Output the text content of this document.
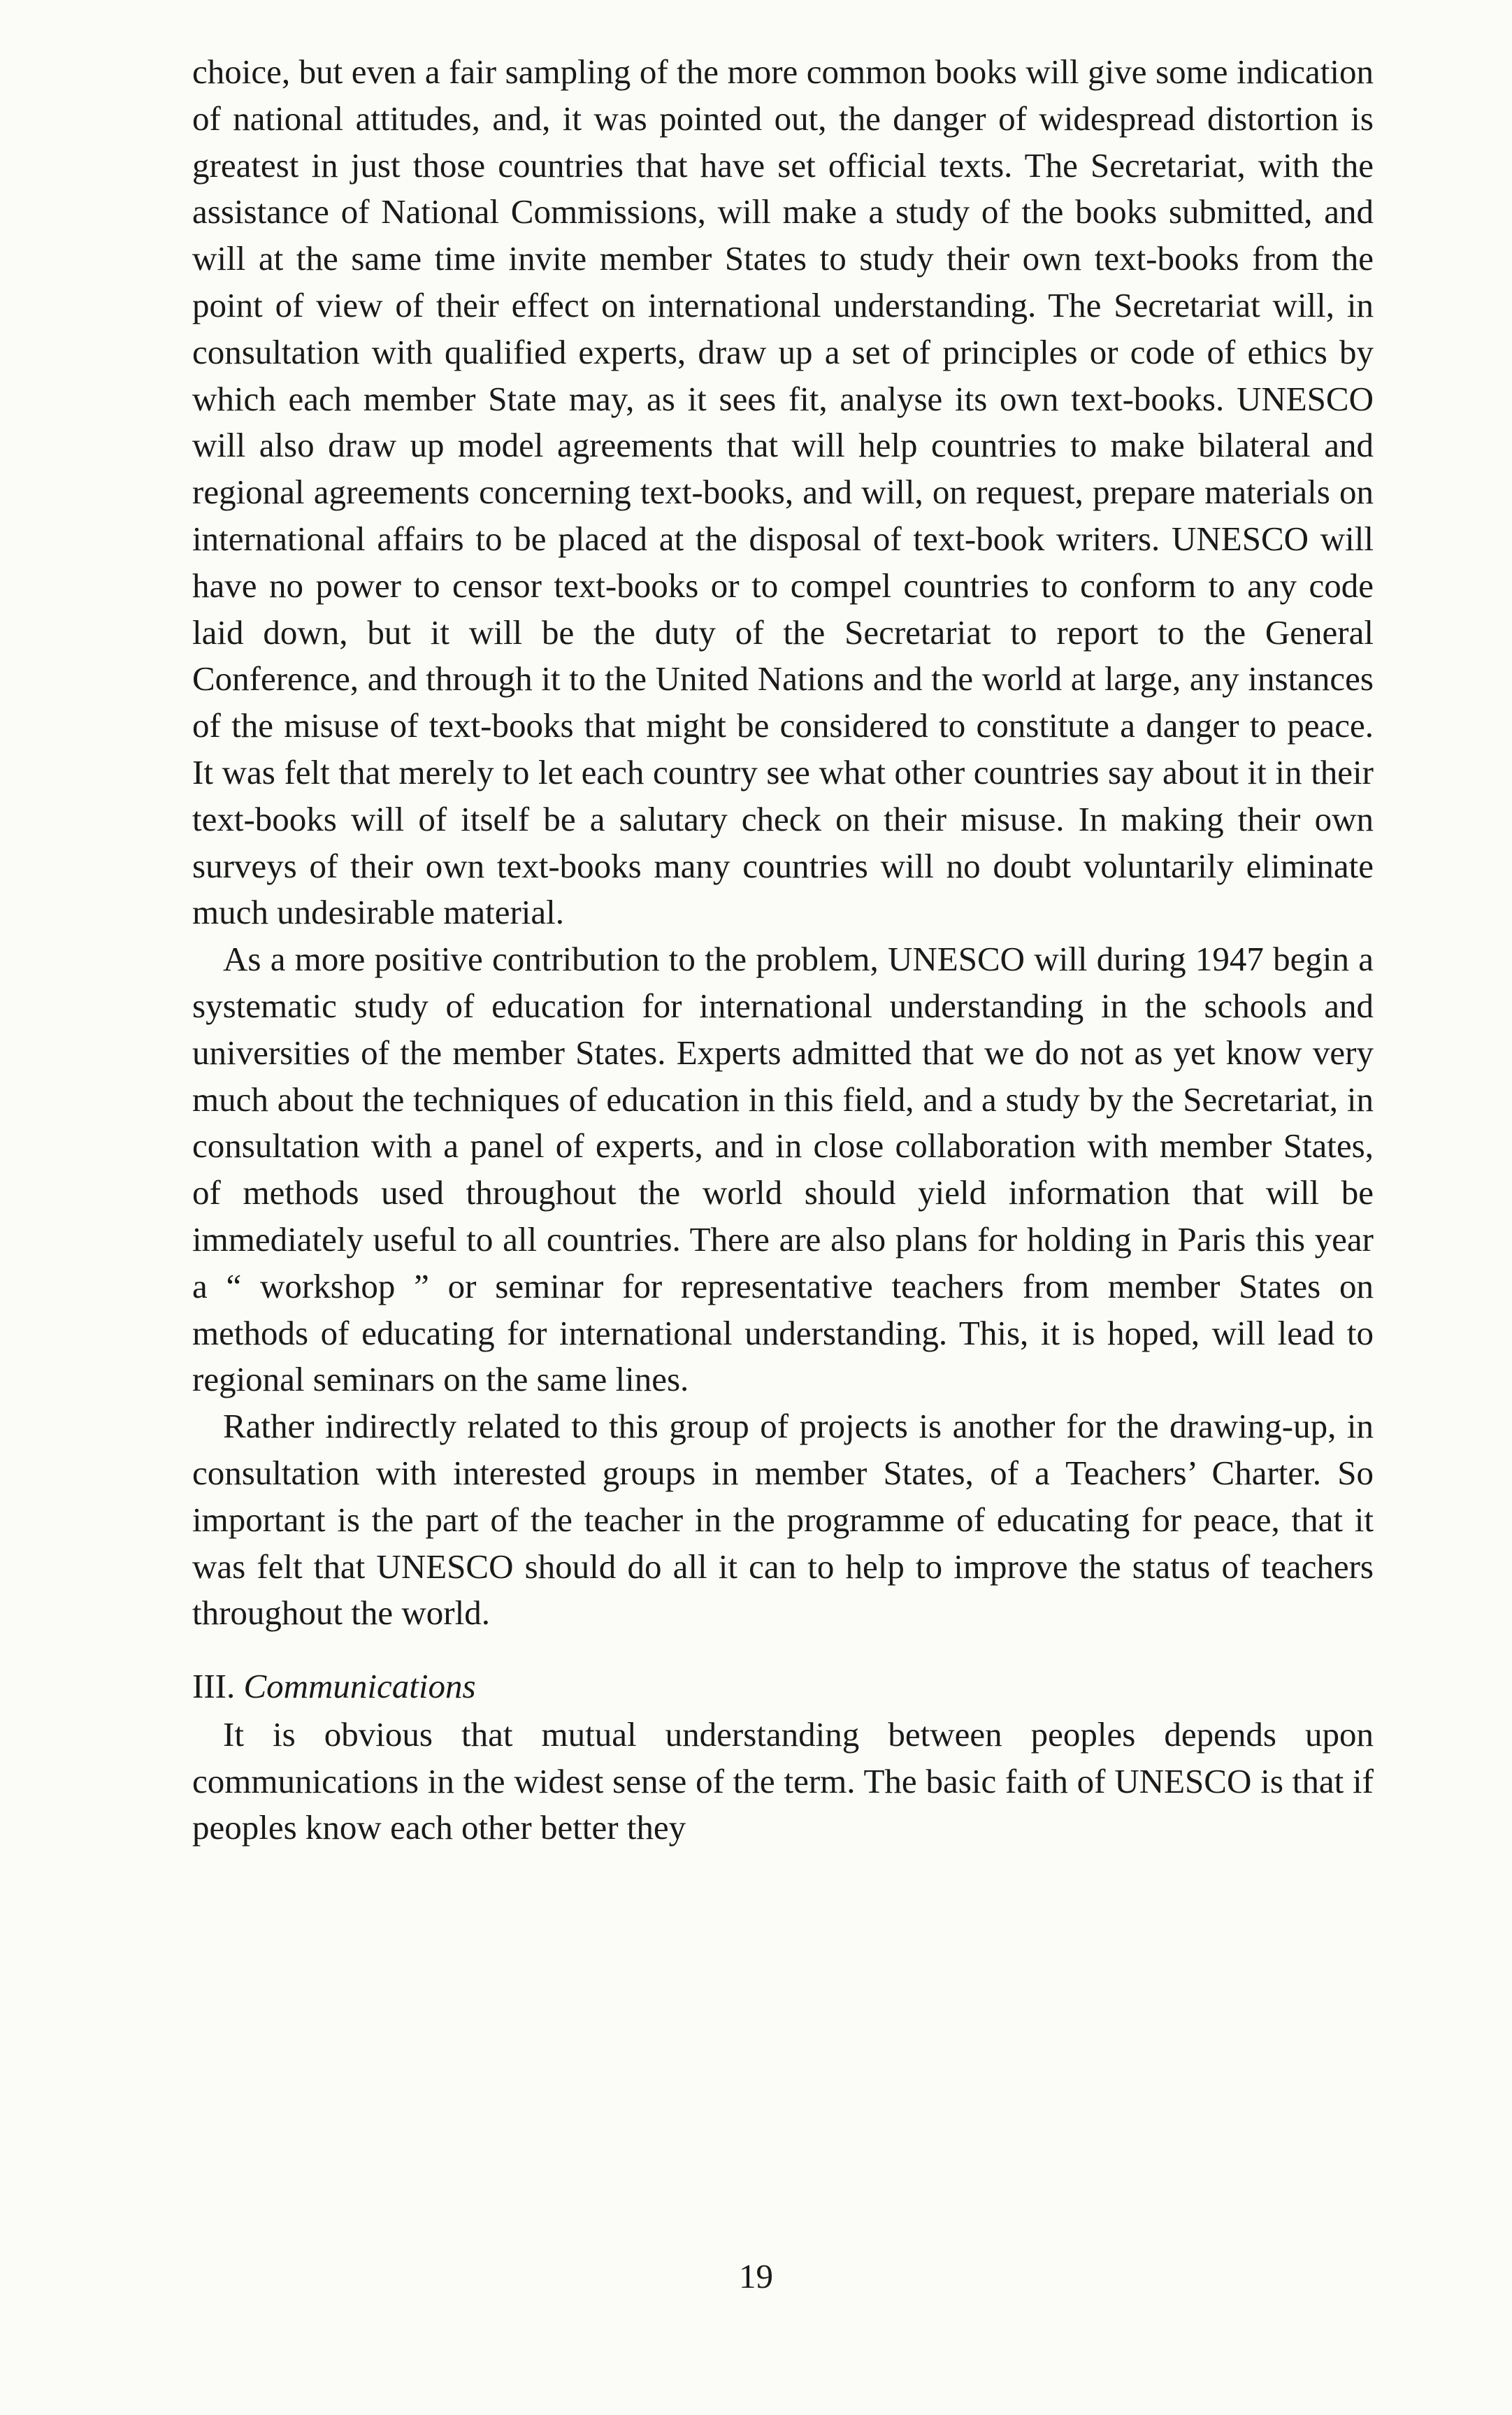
choice, but even a fair sampling of the more common books will give some indication of national attitudes, and, it was pointed out, the danger of widespread distortion is greatest in just those countries that have set official texts. The Secretariat, with the assistance of National Commissions, will make a study of the books submitted, and will at the same time invite member States to study their own text-books from the point of view of their effect on international understanding. The Secretariat will, in consultation with qualified experts, draw up a set of principles or code of ethics by which each member State may, as it sees fit, analyse its own text-books. UNESCO will also draw up model agreements that will help countries to make bilateral and regional agreements concerning text-books, and will, on request, prepare materials on international affairs to be placed at the disposal of text-book writers. UNESCO will have no power to censor text-books or to compel countries to conform to any code laid down, but it will be the duty of the Secretariat to report to the General Conference, and through it to the United Nations and the world at large, any instances of the misuse of text-books that might be considered to constitute a danger to peace. It was felt that merely to let each country see what other countries say about it in their text-books will of itself be a salutary check on their misuse. In making their own surveys of their own text-books many countries will no doubt voluntarily eliminate much undesirable material.

As a more positive contribution to the problem, UNESCO will during 1947 begin a systematic study of education for international understanding in the schools and universities of the member States. Experts admitted that we do not as yet know very much about the techniques of education in this field, and a study by the Secretariat, in consultation with a panel of experts, and in close collaboration with member States, of methods used throughout the world should yield information that will be immediately useful to all countries. There are also plans for holding in Paris this year a “ workshop ” or seminar for representative teachers from member States on methods of educating for international understanding. This, it is hoped, will lead to regional seminars on the same lines.

Rather indirectly related to this group of projects is another for the drawing-up, in consultation with interested groups in member States, of a Teachers’ Charter. So important is the part of the teacher in the programme of educating for peace, that it was felt that UNESCO should do all it can to help to improve the status of teachers throughout the world.

III. Communications

It is obvious that mutual understanding between peoples depends upon communications in the widest sense of the term. The basic faith of UNESCO is that if peoples know each other better they

19
